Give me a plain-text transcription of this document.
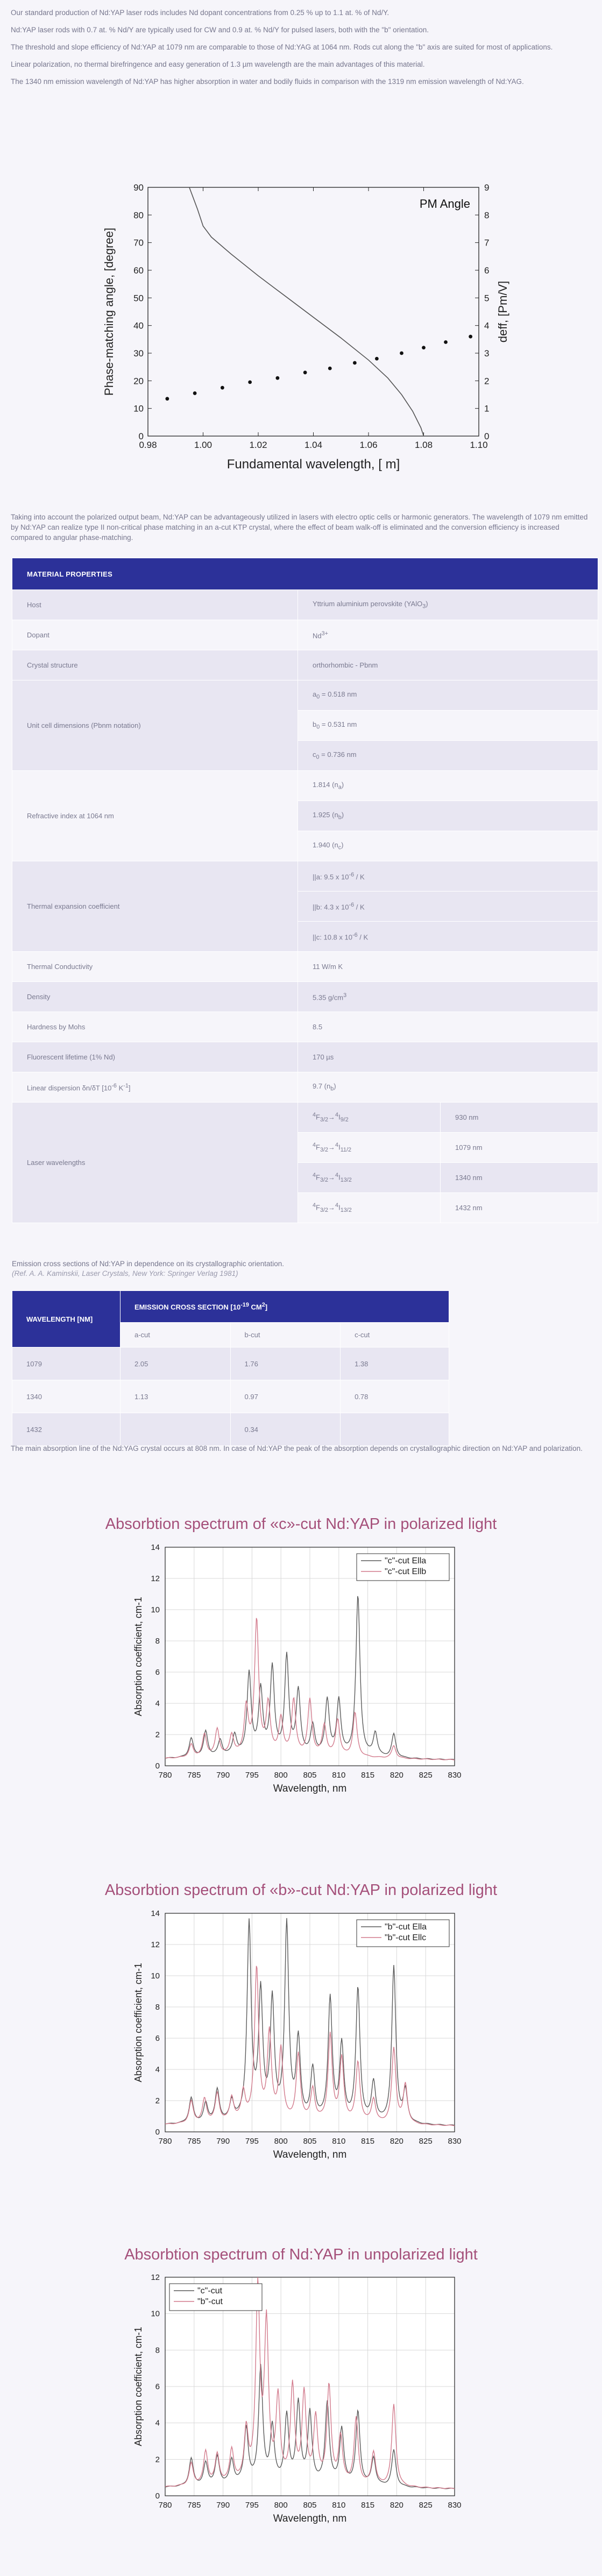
Our standard production of Nd:YAP laser rods includes Nd dopant concentrations from 0.25 % up to 1.1 at. % of Nd/Y.

Nd:YAP laser rods with 0.7 at. % Nd/Y are typically used for CW and 0.9 at. % Nd/Y for pulsed lasers, both with the "b" orientation.

The threshold and slope efficiency of Nd:YAP at 1079 nm are comparable to those of Nd:YAG at 1064 nm. Rods cut along the "b" axis are suited for most of applications.

Linear polarization, no thermal birefringence and easy generation of 1.3 µm wavelength are the main advantages of this material.

The 1340 nm emission wavelength of Nd:YAP has higher absorption in water and bodily fluids in comparison with the 1319 nm emission wavelength of Nd:YAG.

0.98	1.00	1.02	1.04	1.06	1.08	1.10
0
10
20
30
40
50
60
70
80
90
0
1
2
3
4
5
6
7
8
9
PM Angle
Fundamental wavelength, [ m]
Phase-matching angle, [degree]	deff, [Pm/V]

Taking into account the polarized output beam, Nd:YAP can be advantageously utilized in lasers with electro optic cells or harmonic generators. The wavelength of 1079 nm emitted by Nd:YAP can realize type II non-critical phase matching in an a-cut KTP crystal, where the effect of beam walk-off is eliminated and the conversion efficiency is increased compared to angular phase-matching.

MATERIAL PROPERTIES		
Host	Yttrium aluminium perovskite (YAlO$_3$)	
Dopant	$Nd^{3+}$
Crystal structure	orthorhombic - Pbnm	
Unit cell dimensions (Pbnm notation)	$a_0 = 0.518$ nm	
	$b_0 = 0.531$ nm	
	$c_0 = 0.736$ nm	
Refractive index at 1064 nm	1.814 $(n_a)$	
	1.925 $(n_b)$	
	1.940 $(n_c)$	
Thermal expansion coefficient	||a: 9.5 x $10^{-6}$ / K	
	||b: 4.3 x $10^{-6}$ / K	
	||c: 10.8 x $10^{-6}$ / K	
Thermal Conductivity	11 W/m K	
Density	5.35 $g/cm^3$
Hardness by Mohs	8.5	
Fluorescent lifetime (1% Nd)	170 µs	
Linear dispersion δn/δT [$10^{-6}$ $K^{-1}$]	9.7 $(n_b)$	
Laser wavelengths	$^4F_{3/2}\to^4I_{9/2}$	930 nm
	$^4F_{3/2}\to^4I_{11/2}$	1079 nm
	$^4F_{3/2}\to^4I_{13/2}$	1340 nm
	$^4F_{3/2}\to^4I_{13/2}$	1432 nm
Emission cross sections of Nd:YAP in dependence on its crystallographic orientation.
(Ref. A. A. Kaminskii, Laser Crystals, New York: Springer Verlag 1981)
WAVELENGTH [NM]	EMISSION CROSS SECTION [$10^{-19}$ $CM^2$]		
	a-cut	b-cut	c-cut
1079	2.05	1.76	1.38
1340	1.13	0.97	0.78
1432		0.34	

The main absorption line of the Nd:YAG crystal occurs at 808 nm. In case of Nd:YAP the peak of the absorption depends on crystallographic direction on Nd:YAP and polarization.

Absorbtion spectrum of «c»-cut Nd:YAP in polarized light
780 785 790 795 800 805 810 815 820 825 830
0
2
4
6
8
10
12
14
Wavelength, nm
Absorption coefficient, cm-1
"c"-cut Ella
"c"-cut Ellb
Absorbtion spectrum of «b»-cut Nd:YAP in polarized light
780 785 790 795 800 805 810 815 820 825 830
0
2
4
6
8
10
12
14
Wavelength, nm
Absorption coefficient, cm-1
"b"-cut Ella
"b"-cut Ellc
Absorbtion spectrum of Nd:YAP in unpolarized light
780 785 790 795 800 805 810 815 820 825 830
0
2
4
6
8
10
12
Wavelength, nm
Absorption coefficient, cm-1
"c"-cut
"b"-cut
